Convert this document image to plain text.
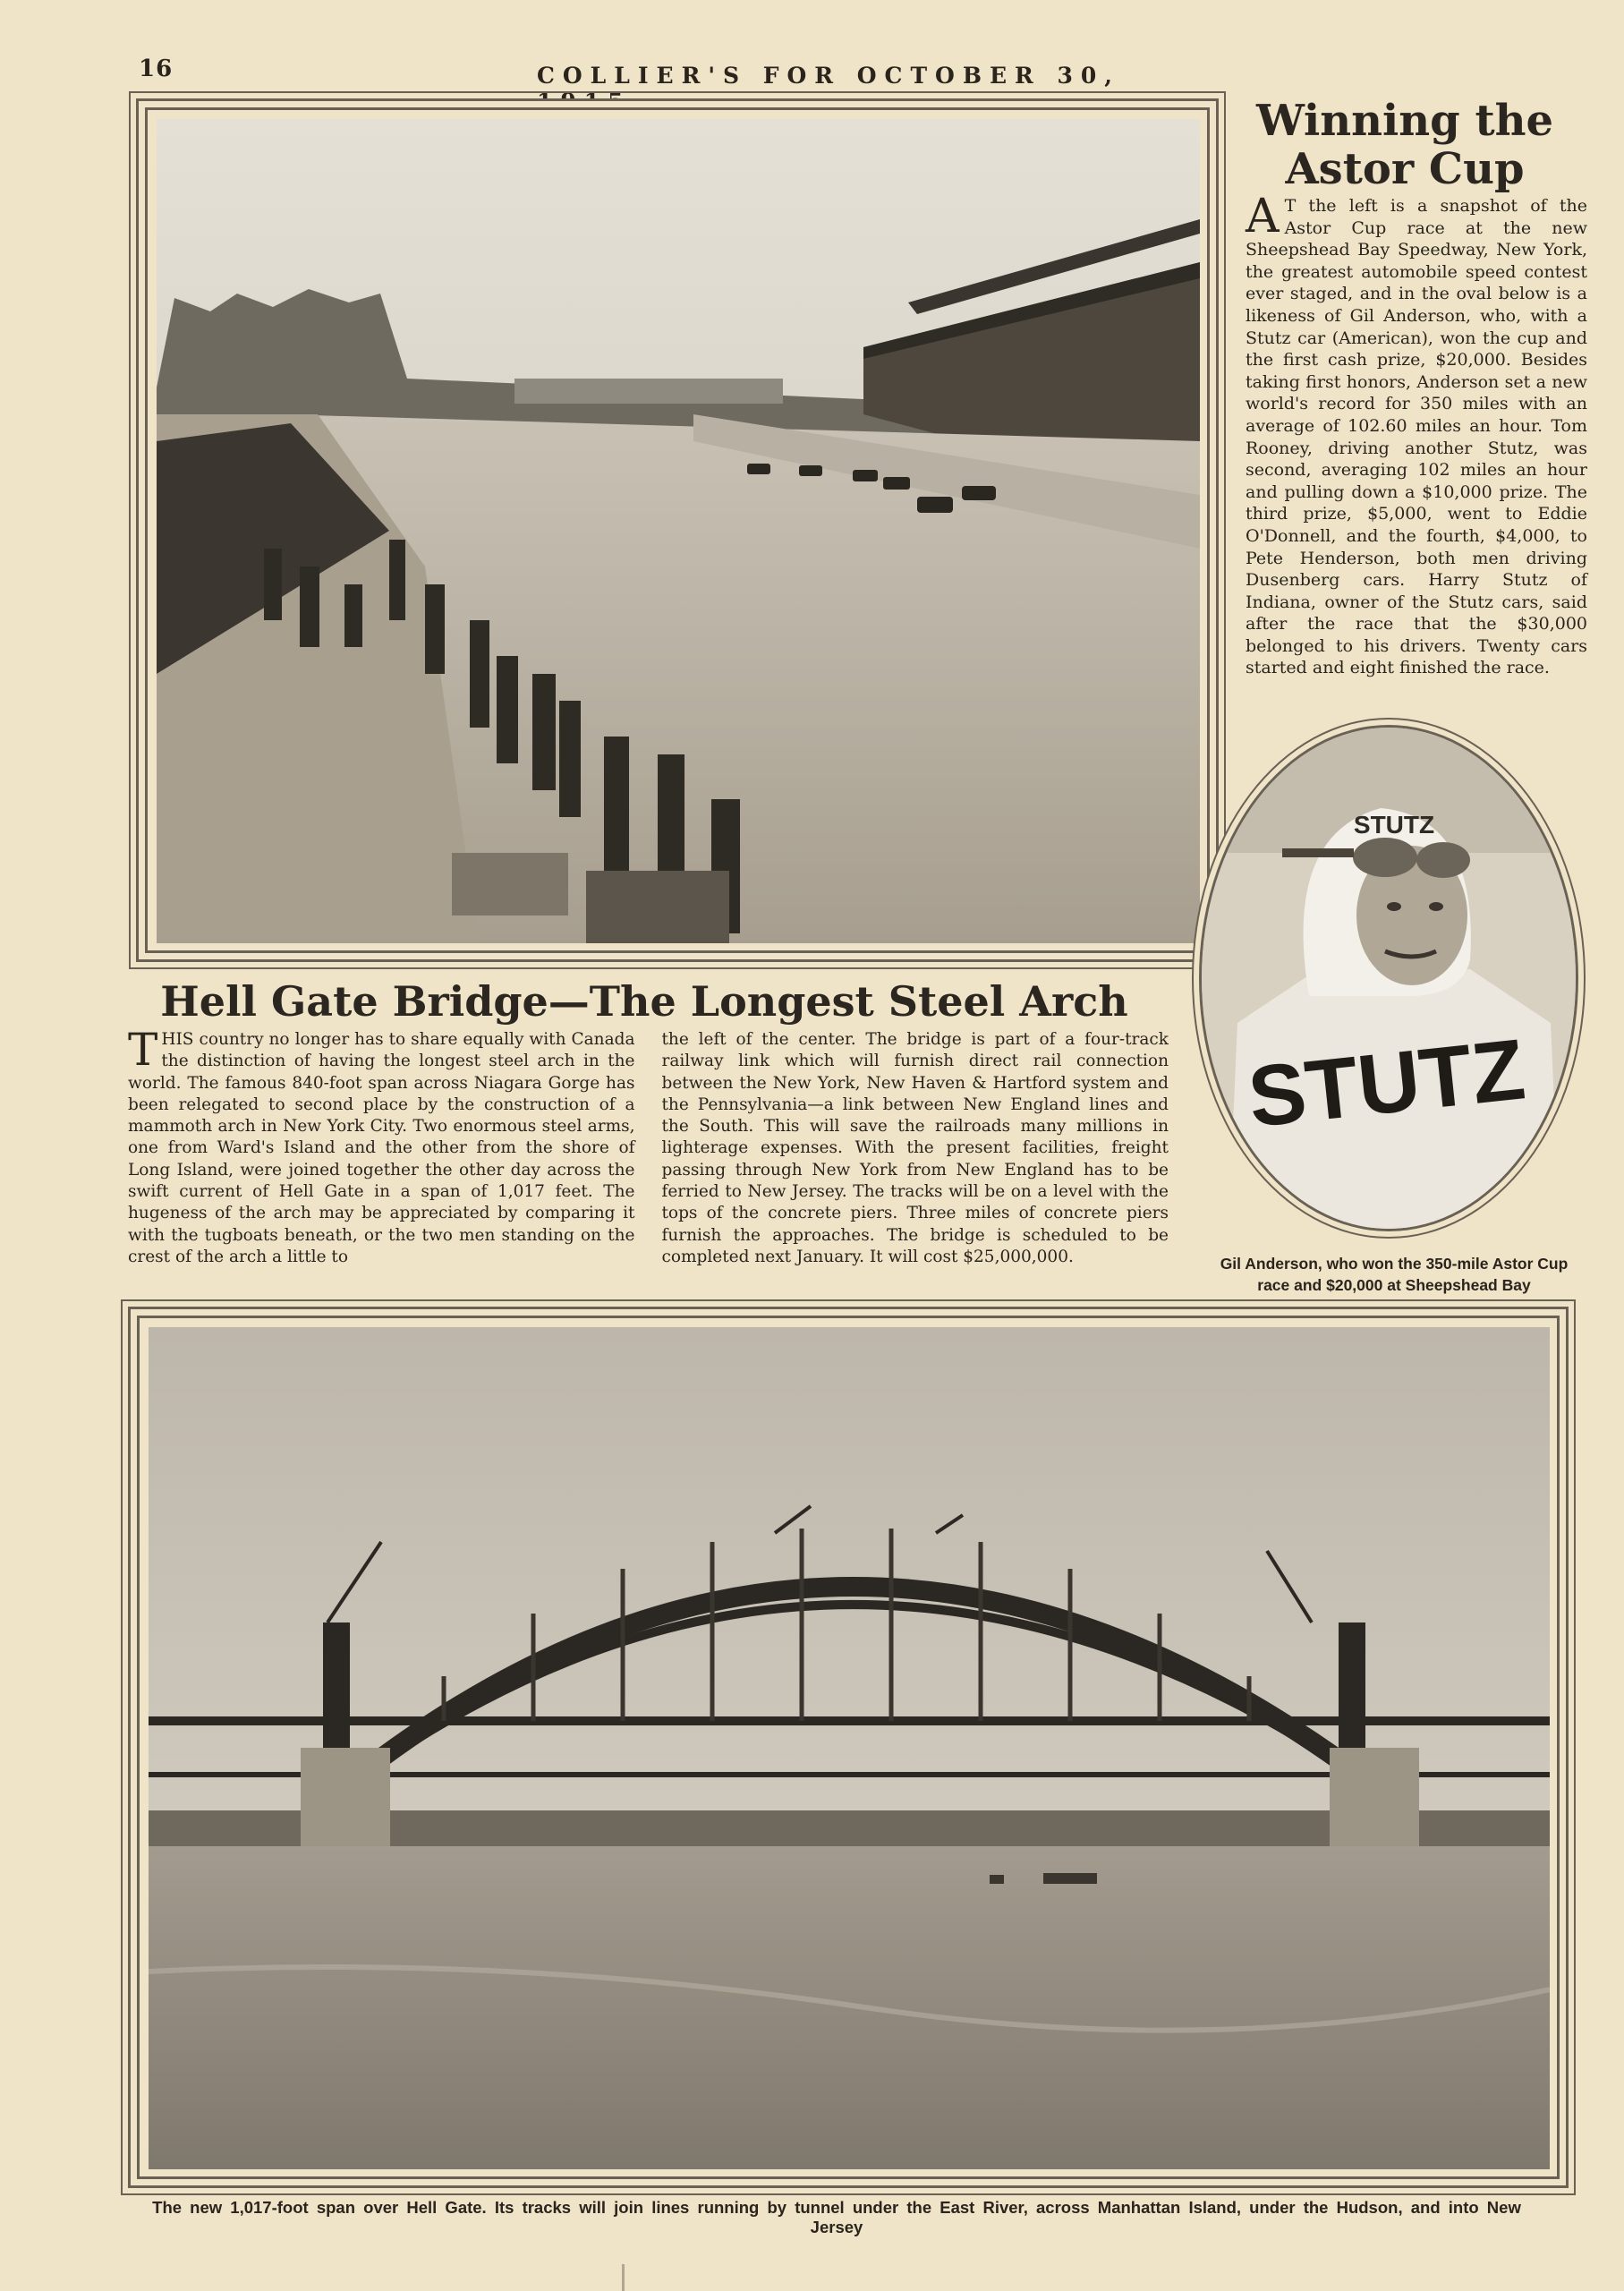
16	COLLIER'S FOR OCTOBER 30, 1915	Winning the
Astor Cup
A T the left is a snapshot of the Astor Cup race at the new Sheepshead Bay Speedway, New York, the greatest automobile speed contest ever staged, and in the oval below is a likeness of Gil Anderson, who, with a Stutz car (American), won the cup and the first cash prize, $20,000. Besides taking first honors, Anderson set a new world's record for 350 miles with an average of 102.60 miles an hour. Tom Rooney, driving another Stutz, was second, averaging 102 miles an hour and pulling down a $10,000 prize. The third prize, $5,000, went to Eddie O'Donnell, and the fourth, $4,000, to Pete Henderson, both men driving Dusenberg cars. Harry Stutz of Indiana, owner of the Stutz cars, said after the race that the $30,000 belonged to his drivers. Twenty cars started and eight finished the race.
STUTZ
STUTZ
Gil Anderson, who won the 350-mile Astor Cup race and $20,000 at Sheepshead Bay
Hell Gate Bridge—The Longest Steel Arch
THIS country no longer has to share equally with Canada the distinction of having the longest steel arch in the world. The famous 840-foot span across Niagara Gorge has been relegated to second place by the construction of a mammoth arch in New York City. Two enormous steel arms, one from Ward's Island and the other from the shore of Long Island, were joined together the other day across the swift current of Hell Gate in a span of 1,017 feet. The hugeness of the arch may be appreciated by comparing it with the tugboats beneath, or the two men standing on the crest of the arch a little to
the left of the center. The bridge is part of a four-track railway link which will furnish direct rail connection between the New York, New Haven & Hartford system and the Pennsylvania—a link between New England lines and the South. This will save the railroads many millions in lighterage expenses. With the present facilities, freight passing through New York from New England has to be ferried to New Jersey. The tracks will be on a level with the tops of the concrete piers. Three miles of concrete piers furnish the approaches. The bridge is scheduled to be completed next January. It will cost $25,000,000.
The new 1,017-foot span over Hell Gate. Its tracks will join lines running by tunnel under the East River, across Manhattan Island, under the Hudson, and into New Jersey
